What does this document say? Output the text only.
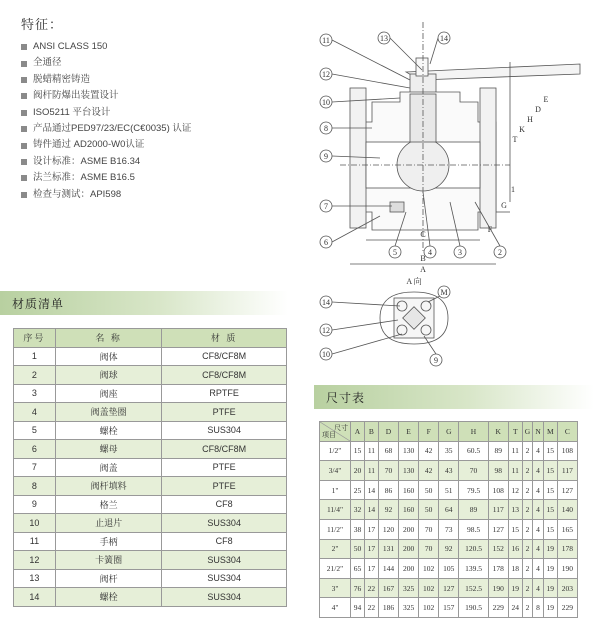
特征：
ANSI CLASS 150
全通径
脱蜡精密铸造
阀杆防爆出装置设计
ISO5211 平台设计
产品通过PED97/23/EC(C€0035) 认证
铸件通过 AD2000-W0认证
设计标准：ASME B16.34
法兰标准：ASME B16.5
检查与测试：API598
11	13	14
12
10
8
9
7
6
5	4	3	2
1
C
B
A
G
F
T
K
H
D
E
A 向
14
12
10
9
M
材质清单
序号	名 称	材 质
1	阀体	CF8/CF8M
2	阀球	CF8/CF8M
3	阀座	RPTFE
4	阀盖垫圈	PTFE
5	螺栓	SUS304
6	螺母	CF8/CF8M
7	阀盖	PTFE
8	阀杆填料	PTFE
9	格兰	CF8
10	止退片	SUS304
11	手柄	CF8
12	卡簧圈	SUS304
13	阀杆	SUS304
14	螺栓	SUS304
尺寸表
尺寸
项目	A	B	D	E	F	G	H	K	T	G	N	M	C
1/2"	15	11	68	130	42	35	60.5	89	11	2	4	15	108
3/4"	20	11	70	130	42	43	70	98	11	2	4	15	117
1"	25	14	86	160	50	51	79.5	108	12	2	4	15	127
11/4"	32	14	92	160	50	64	89	117	13	2	4	15	140
11/2"	38	17	120	200	70	73	98.5	127	15	2	4	15	165
2"	50	17	131	200	70	92	120.5	152	16	2	4	19	178
21/2"	65	17	144	200	102	105	139.5	178	18	2	4	19	190
3"	76	22	167	325	102	127	152.5	190	19	2	4	19	203
4"	94	22	186	325	102	157	190.5	229	24	2	8	19	229
